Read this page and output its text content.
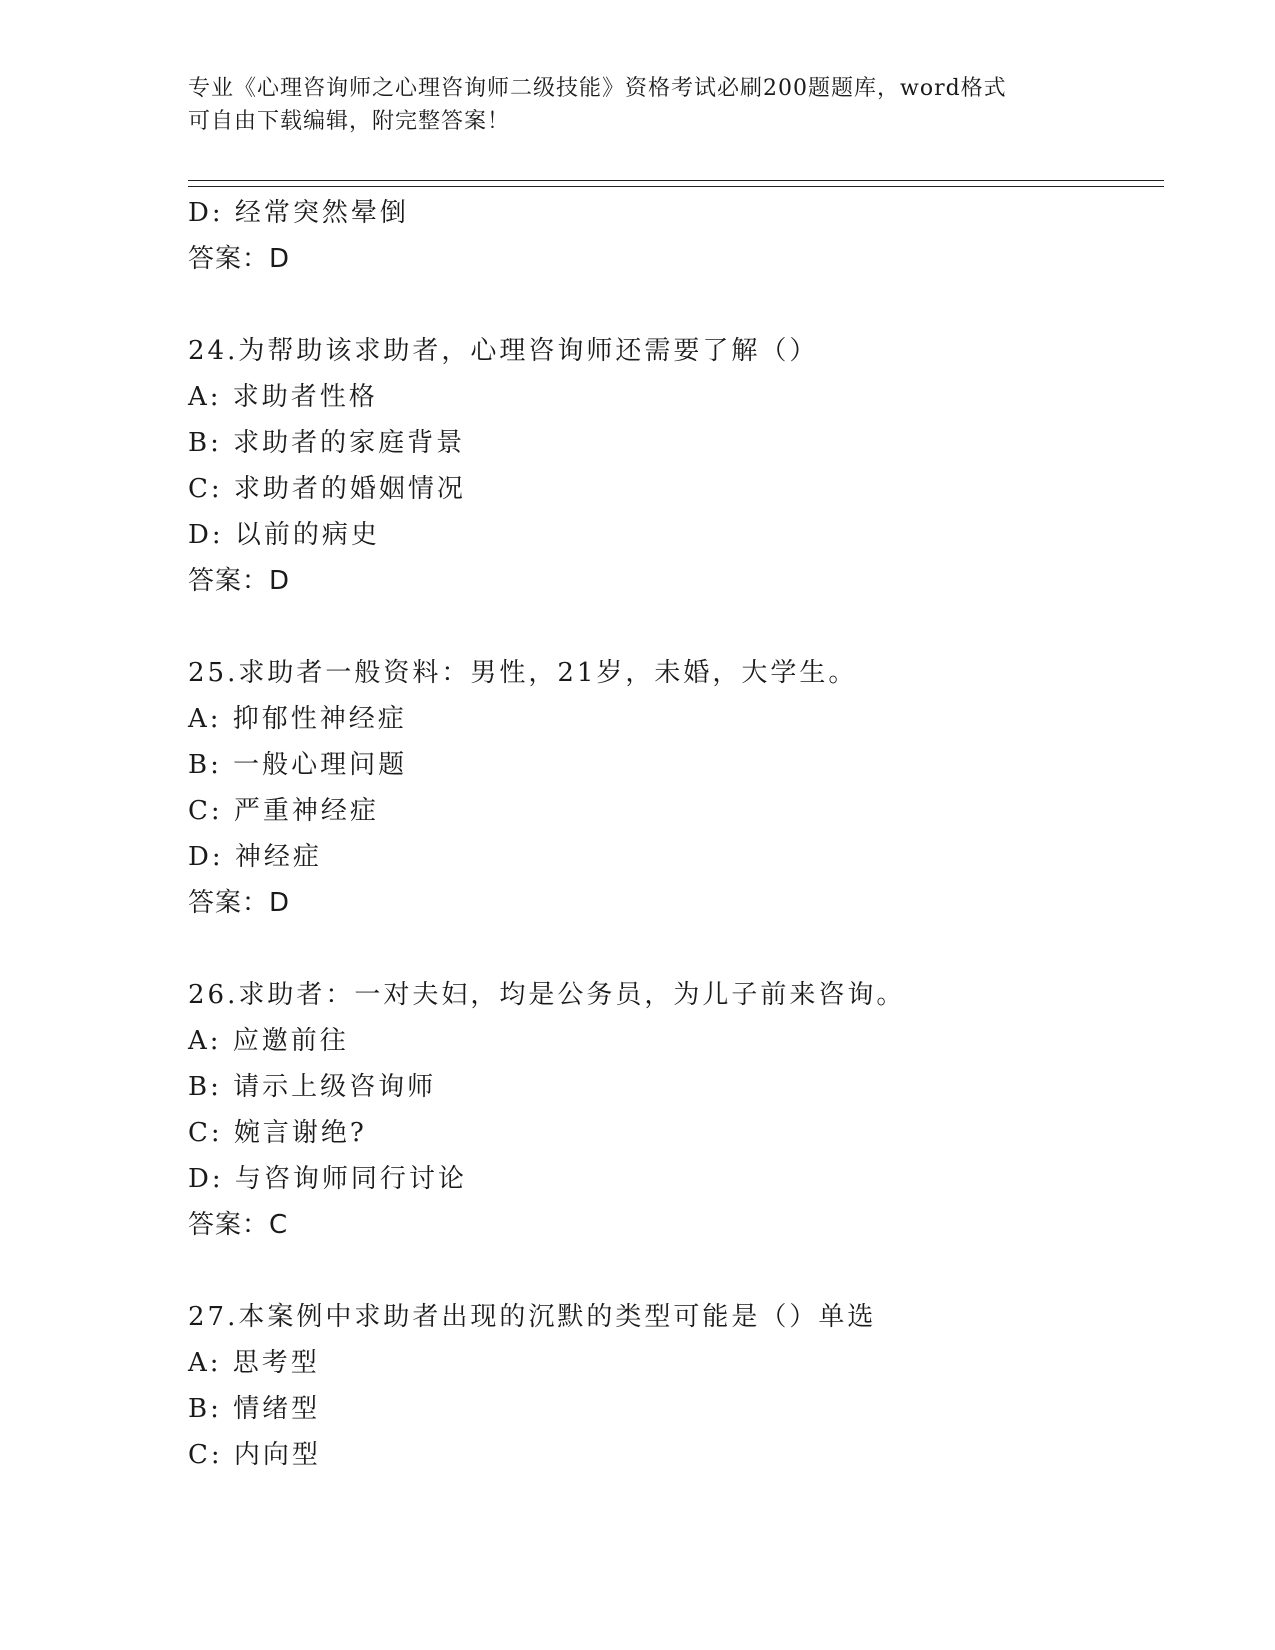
专业《心理咨询师之心理咨询师二级技能》资格考试必刷200题题库，word格式
可自由下载编辑，附完整答案！
D: 经常突然晕倒
答案：D
24.为帮助该求助者，心理咨询师还需要了解（）
A: 求助者性格
B: 求助者的家庭背景
C: 求助者的婚姻情况
D: 以前的病史
答案：D
25.求助者一般资料：男性，21岁，未婚，大学生。
A: 抑郁性神经症
B: 一般心理问题
C: 严重神经症
D: 神经症
答案：D
26.求助者：一对夫妇，均是公务员，为儿子前来咨询。
A: 应邀前往
B: 请示上级咨询师
C: 婉言谢绝?
D: 与咨询师同行讨论
答案：C
27.本案例中求助者出现的沉默的类型可能是（）单选
A: 思考型
B: 情绪型
C: 内向型
